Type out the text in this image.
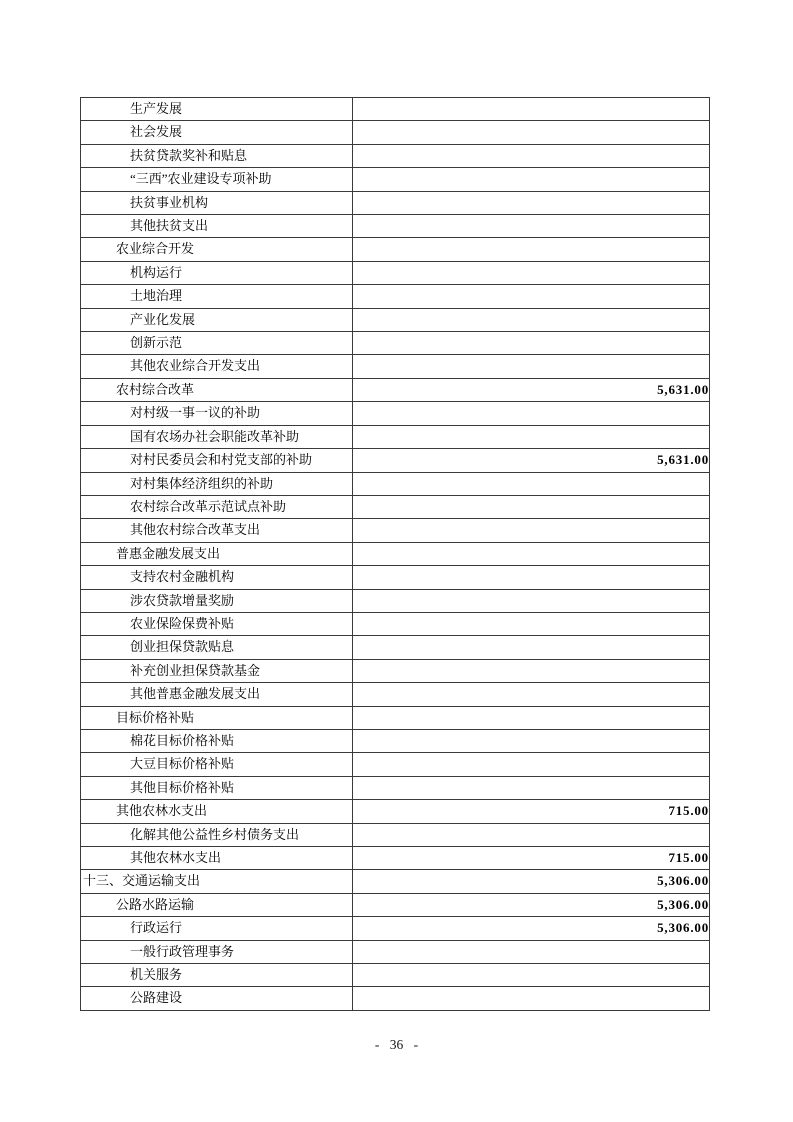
生产发展	
社会发展	
扶贫贷款奖补和贴息	
“三西”农业建设专项补助	
扶贫事业机构	
其他扶贫支出	
农业综合开发	
机构运行	
土地治理	
产业化发展	
创新示范	
其他农业综合开发支出	
农村综合改革	5,631.00
对村级一事一议的补助	
国有农场办社会职能改革补助	
对村民委员会和村党支部的补助	5,631.00
对村集体经济组织的补助	
农村综合改革示范试点补助	
其他农村综合改革支出	
普惠金融发展支出	
支持农村金融机构	
涉农贷款增量奖励	
农业保险保费补贴	
创业担保贷款贴息	
补充创业担保贷款基金	
其他普惠金融发展支出	
目标价格补贴	
棉花目标价格补贴	
大豆目标价格补贴	
其他目标价格补贴	
其他农林水支出	715.00
化解其他公益性乡村债务支出	
其他农林水支出	715.00
十三、交通运输支出	5,306.00
公路水路运输	5,306.00
行政运行	5,306.00
一般行政管理事务	
机关服务	
公路建设	
- 36 -
